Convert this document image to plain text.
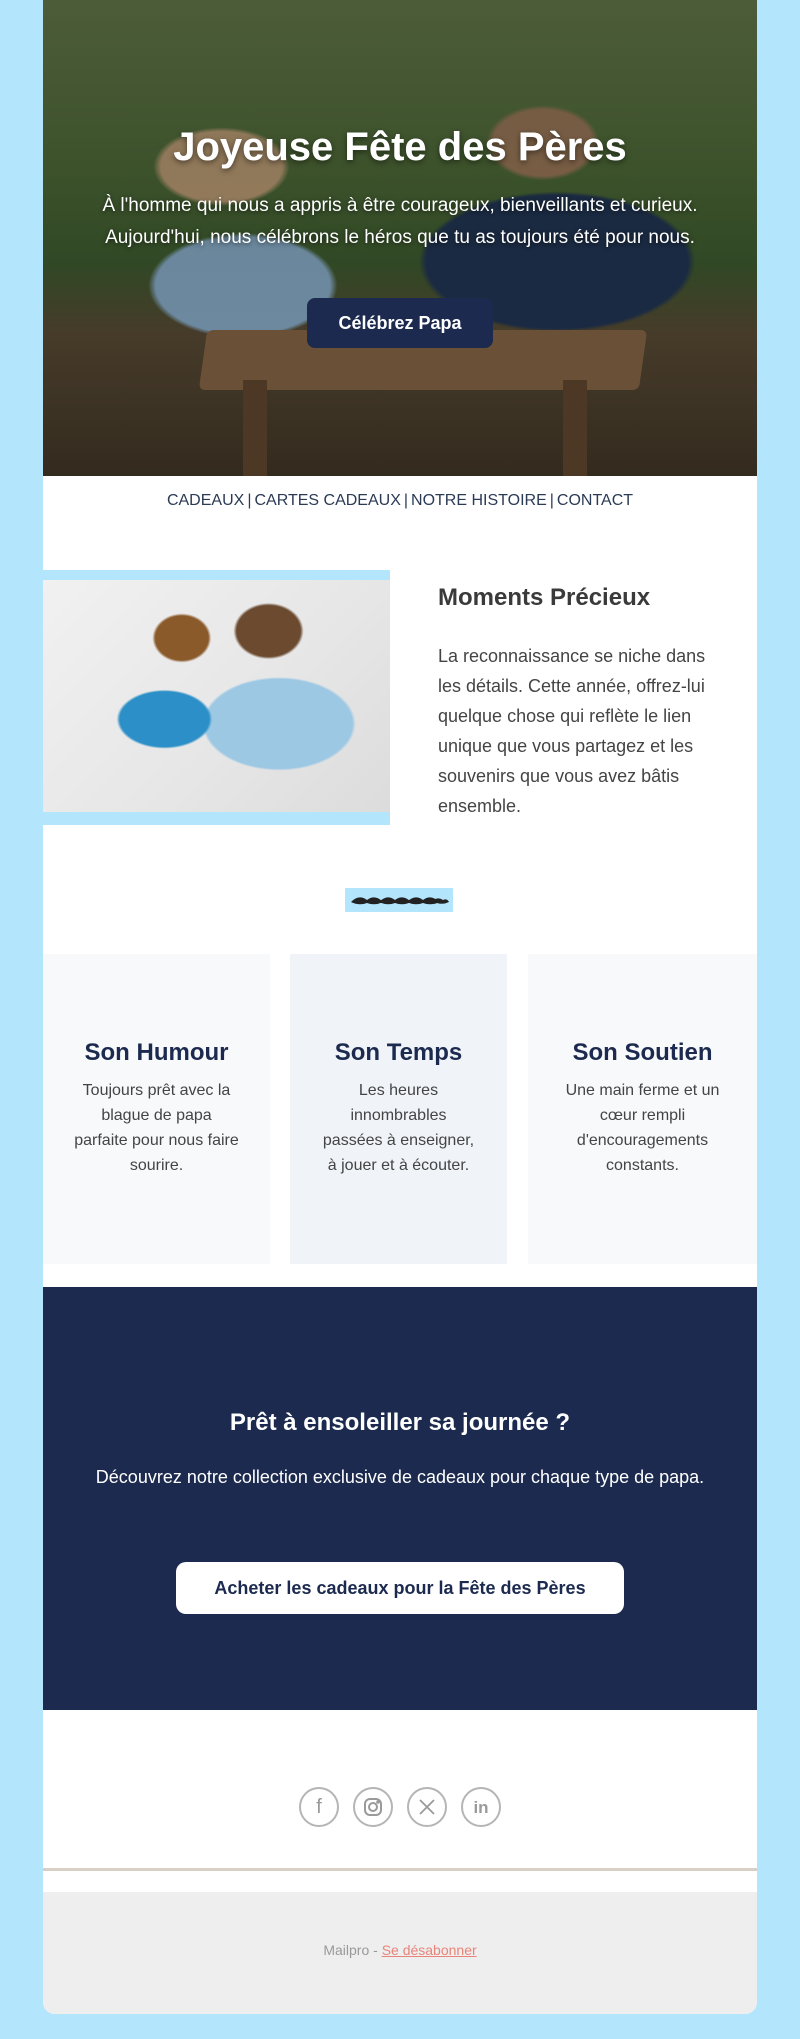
Joyeuse Fête des Pères

À l'homme qui nous a appris à être courageux, bienveillants et curieux. Aujourd'hui, nous célébrons le héros que tu as toujours été pour nous.

Célébrez Papa
CADEAUX | CARTES CADEAUX | NOTRE HISTOIRE | CONTACT
Moments Précieux

La reconnaissance se niche dans les détails. Cette année, offrez-lui quelque chose qui reflète le lien unique que vous partagez et les souvenirs que vous avez bâtis ensemble.

Son Humour

Toujours prêt avec la blague de papa parfaite pour nous faire sourire.

Son Temps

Les heures innombrables passées à enseigner, à jouer et à écouter.

Son Soutien

Une main ferme et un cœur rempli d'encouragements constants.

Prêt à ensoleiller sa journée ?

Découvrez notre collection exclusive de cadeaux pour chaque type de papa.

Acheter les cadeaux pour la Fête des Pères
f	in
Mailpro - Se désabonner
